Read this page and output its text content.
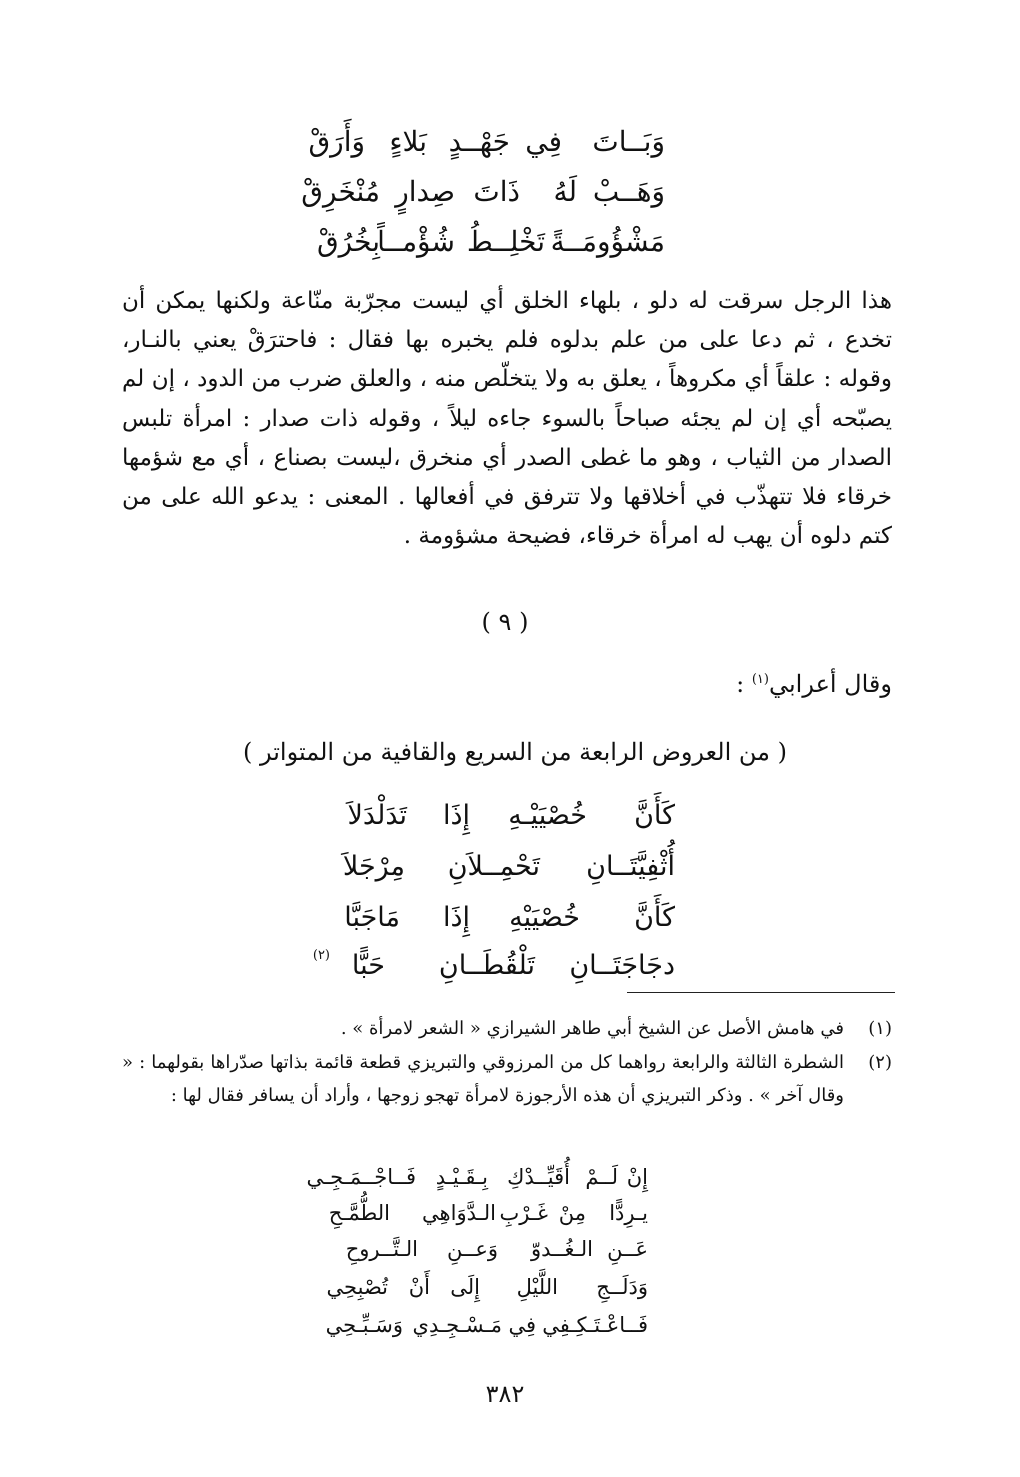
وَبَــاتَ
فِي
جَهْــدٍ
بَلاءٍ
وَأَرَقْ
وَهَــبْ
لَهُ
ذَاتَ
صِدارٍ
مُنْخَرِقْ
مَشْؤُومَــةً
تَخْلِــطُ
شُؤْمــاً
بِخُرُقْ

هذا الرجل سرقت له دلو ، بلهاء الخلق أي ليست مجرّبة منّاعة ولكنها يمكن أن تخدع ، ثم دعا على من علم بدلوه فلم يخبره بها فقال : فاحترَقْ يعني بالنـار، وقوله : علقاً أي مكروهاً ، يعلق به ولا يتخلّص منه ، والعلق ضرب من الدود ، إن لم يصبّحه أي إن لم يجئه صباحاً بالسوء جاءه ليلاً ، وقوله ذات صدار : امرأة تلبس الصدار من الثياب ، وهو ما غطى الصدر أي منخرق ،ليست بصناع ، أي مع شؤمها خرقاء فلا تتهذّب في أخلاقها ولا تترفق في أفعالها . المعنى : يدعو الله على من كتم دلوه أن يهب له امرأة خرقاء، فضيحة مشؤومة .

( ٩ )
وقال أعرابي$^{(١)}$ :
( من العروض الرابعة من السريع والقافية من المتواتر )
كَأَنَّ
خُصْيَيْـهِ
إِذَا
تَدَلْدَلاَ
أُثْفِيَّتَــانِ
تَحْمِــلاَنِ
مِرْجَلاَ
كَأَنَّ
خُصْيَيْهِ
إِذَا
مَاجَبَّا
دجَاجَتَــانِ
تَلْقُطَــانِ
حَبًّا
(٢)
(١)
في هامش الأصل عن الشيخ أبي طاهر الشيرازي « الشعر لامرأة » .
(٢)
الشطرة الثالثة والرابعة رواهما كل من المرزوقي والتبريزي قطعة قائمة بذاتها صدّراها بقولهما : « وقال آخر » . وذكر التبريزي أن هذه الأرجوزة لامرأة تهجو زوجها ، وأراد أن يسافر فقال لها :
إِنْ
لَــمْ
أُقَيِّــدْكِ
بِـقَـيْـدٍ
فَــاجْــمَـجِـي
يـرِدًّا
مِنْ
غَـرْبِ
الـدَّوَاهِي
الطُّمَّـحِ
عَــنِ
الـغُــدوّ
وَعــنِ
الـتَّــروحِ
وَدَلَــجِ
اللَّيْلِ
إِلَى
أَنْ
تُصْبِحِي
فَــاعْـتَـكِـفِي
فِي
مَـسْـجِـدِي
وَسَـبِّـحِي
٣٨٢
